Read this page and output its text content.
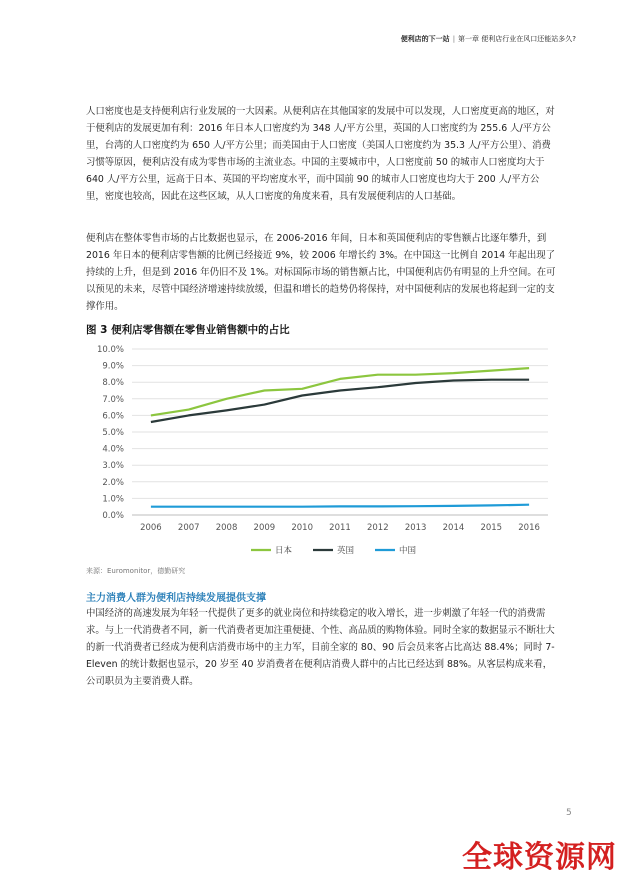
便利店的下一站 | 第一章 便利店行业在风口还能站多久?

人口密度也是支持便利店行业发展的一大因素。从便利店在其他国家的发展中可以发现，人口密度更高的地区，对于便利店的发展更加有利：2016 年日本人口密度约为 348 人/平方公里，英国的人口密度约为 255.6 人/平方公里，台湾的人口密度约为 650 人/平方公里；而美国由于人口密度（美国人口密度约为 35.3 人/平方公里）、消费习惯等原因，便利店没有成为零售市场的主流业态。中国的主要城市中，人口密度前 50 的城市人口密度均大于 640 人/平方公里，远高于日本、英国的平均密度水平，而中国前 90 的城市人口密度也均大于 200 人/平方公里，密度也较高，因此在这些区域，从人口密度的角度来看，具有发展便利店的人口基础。

便利店在整体零售市场的占比数据也显示，在 2006-2016 年间，日本和英国便利店的零售额占比逐年攀升，到 2016 年日本的便利店零售额的比例已经接近 9%，较 2006 年增长约 3%。在中国这一比例自 2014 年起出现了持续的上升，但是到 2016 年仍旧不及 1%。对标国际市场的销售额占比，中国便利店仍有明显的上升空间。在可以预见的未来，尽管中国经济增速持续放缓，但温和增长的趋势仍将保持，对中国便利店的发展也将起到一定的支撑作用。

图 3 便利店零售额在零售业销售额中的占比
0.0%
1.0%
2.0%
3.0%
4.0%
5.0%
6.0%
7.0%
8.0%
9.0%
10.0%
2006 2007 2008 2009 2010 2011 2012 2013 2014 2015 2016
日本	英国	中国
来源：Euromonitor，德勤研究
主力消费人群为便利店持续发展提供支撑

中国经济的高速发展为年轻一代提供了更多的就业岗位和持续稳定的收入增长，进一步刺激了年轻一代的消费需求。与上一代消费者不同，新一代消费者更加注重便捷、个性、高品质的购物体验。同时全家的数据显示不断壮大的新一代消费者已经成为便利店消费市场中的主力军，目前全家的 80、90 后会员来客占比高达 88.4%；同时 7-Eleven 的统计数据也显示，20 岁至 40 岁消费者在便利店消费人群中的占比已经达到 88%。从客层构成来看，公司职员为主要消费人群。

5
全球资源网
